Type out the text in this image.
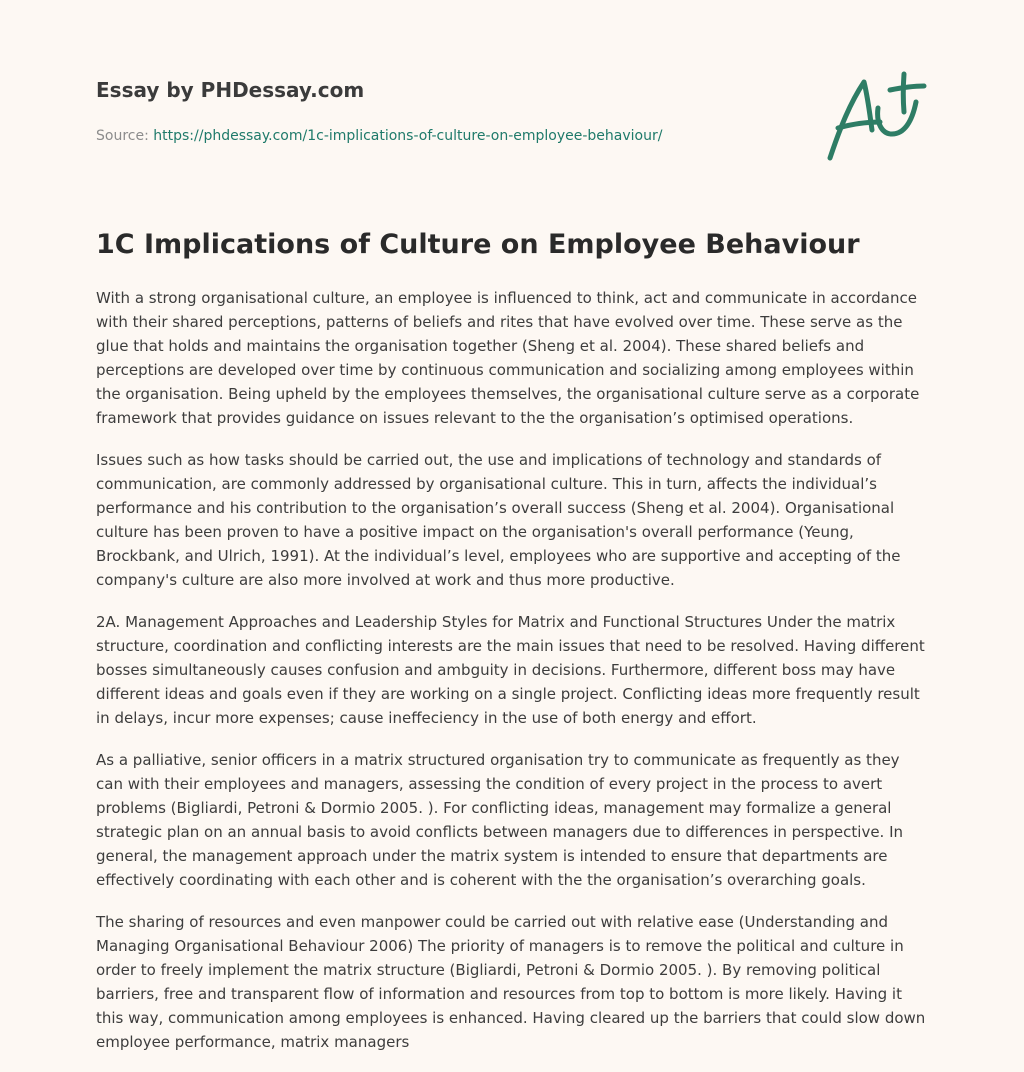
Essay by PHDessay.com
Source: https://phdessay.com/1c-implications-of-culture-on-employee-behaviour/
1C Implications of Culture on Employee Behaviour

With a strong organisational culture, an employee is influenced to think, act and communicate in accordance with their shared perceptions, patterns of beliefs and rites that have evolved over time. These serve as the glue that holds and maintains the organisation together (Sheng et al. 2004). These shared beliefs and perceptions are developed over time by continuous communication and socializing among employees within the organisation. Being upheld by the employees themselves, the organisational culture serve as a corporate framework that provides guidance on issues relevant to the the organisation’s optimised operations.

Issues such as how tasks should be carried out, the use and implications of technology and standards of communication, are commonly addressed by organisational culture. This in turn, affects the individual’s performance and his contribution to the organisation’s overall success (Sheng et al. 2004). Organisational culture has been proven to have a positive impact on the organisation's overall performance (Yeung, Brockbank, and Ulrich, 1991). At the individual’s level, employees who are supportive and accepting of the company's culture are also more involved at work and thus more productive.

2A. Management Approaches and Leadership Styles for Matrix and Functional Structures Under the matrix structure, coordination and conflicting interests are the main issues that need to be resolved. Having different bosses simultaneously causes confusion and ambguity in decisions. Furthermore, different boss may have different ideas and goals even if they are working on a single project. Conflicting ideas more frequently result in delays, incur more expenses; cause ineffeciency in the use of both energy and effort.

As a palliative, senior officers in a matrix structured organisation try to communicate as frequently as they can with their employees and managers, assessing the condition of every project in the process to avert problems (Bigliardi, Petroni & Dormio 2005. ). For conflicting ideas, management may formalize a general strategic plan on an annual basis to avoid conflicts between managers due to differences in perspective. In general, the management approach under the matrix system is intended to ensure that departments are effectively coordinating with each other and is coherent with the the organisation’s overarching goals.

The sharing of resources and even manpower could be carried out with relative ease (Understanding and Managing Organisational Behaviour 2006) The priority of managers is to remove the political and culture in order to freely implement the matrix structure (Bigliardi, Petroni & Dormio 2005. ). By removing political barriers, free and transparent flow of information and resources from top to bottom is more likely. Having it this way, communication among employees is enhanced. Having cleared up the barriers that could slow down employee performance, matrix managers
